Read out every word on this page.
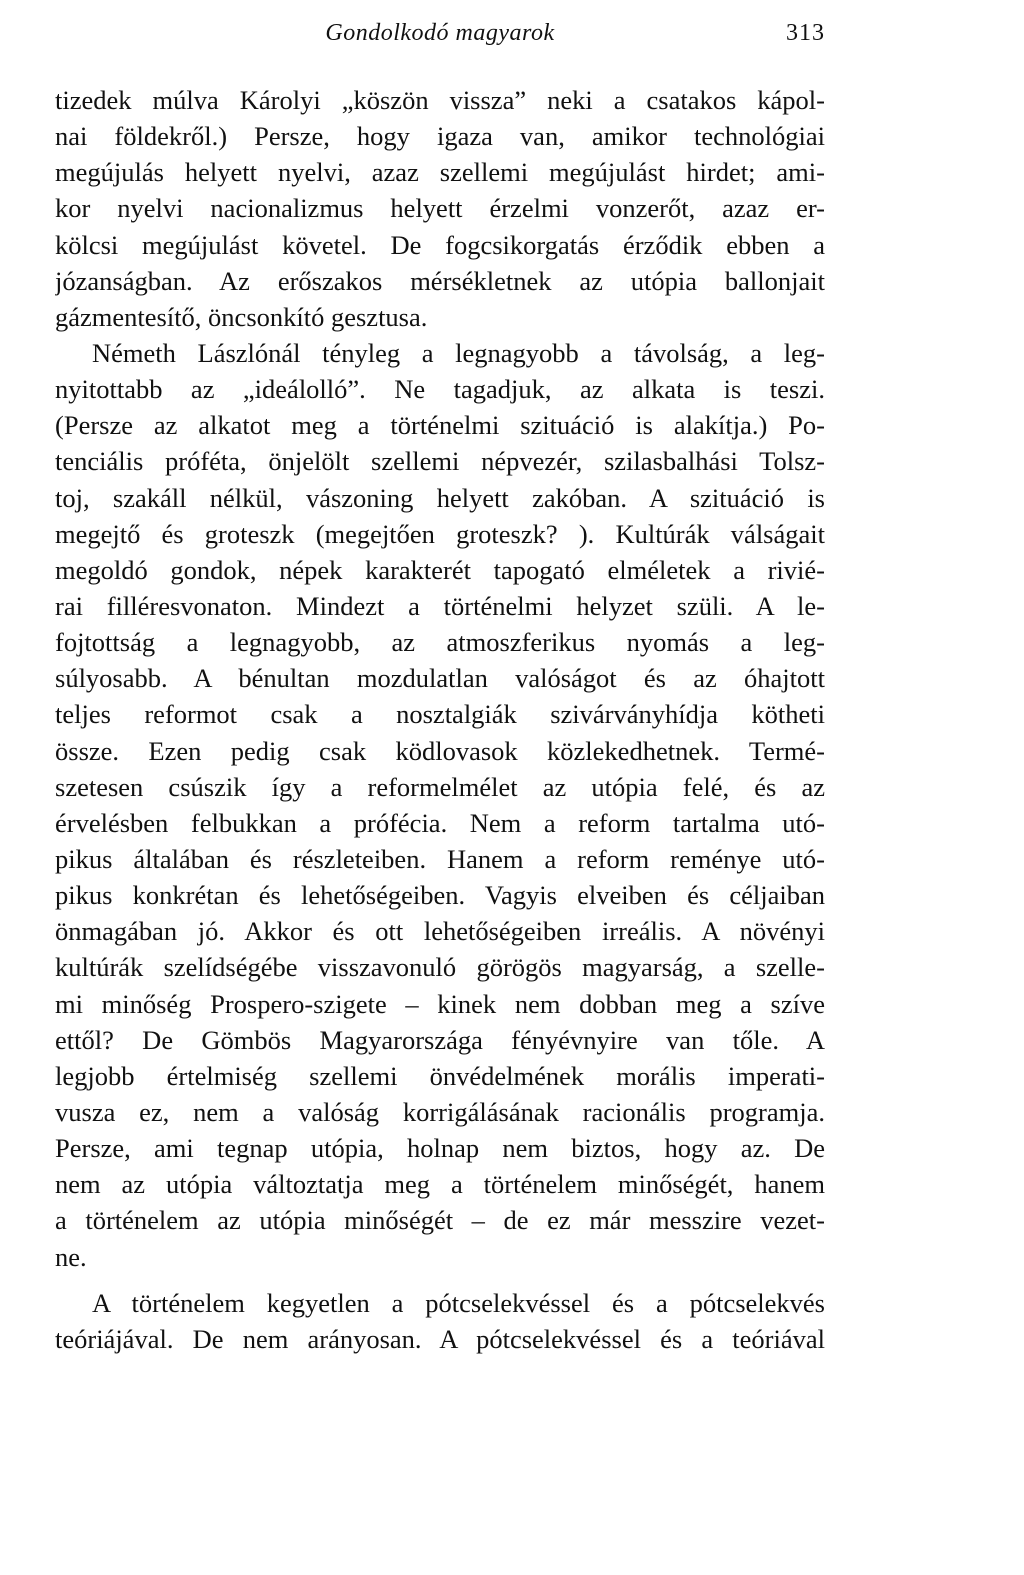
Gondolkodó magyarok	313
tizedek múlva Károlyi „köszön vissza” neki a csatakos kápol-
nai földekről.) Persze, hogy igaza van, amikor technológiai
megújulás helyett nyelvi, azaz szellemi megújulást hirdet; ami-
kor nyelvi nacionalizmus helyett érzelmi vonzerőt, azaz er-
kölcsi megújulást követel. De fogcsikorgatás érződik ebben a
józanságban. Az erőszakos mérsékletnek az utópia ballonjait
gázmentesítő, öncsonkító gesztusa.
Németh Lászlónál tényleg a legnagyobb a távolság, a leg-
nyitottabb az „ideálolló”. Ne tagadjuk, az alkata is teszi.
(Persze az alkatot meg a történelmi szituáció is alakítja.) Po-
tenciális próféta, önjelölt szellemi népvezér, szilasbalhási Tolsz-
toj, szakáll nélkül, vászoning helyett zakóban. A szituáció is
megejtő és groteszk (megejtően groteszk? ). Kultúrák válságait
megoldó gondok, népek karakterét tapogató elméletek a rivié-
rai filléresvonaton. Mindezt a történelmi helyzet szüli. A le-
fojtottság a legnagyobb, az atmoszferikus nyomás a leg-
súlyosabb. A bénultan mozdulatlan valóságot és az óhajtott
teljes reformot csak a nosztalgiák szivárványhídja kötheti
össze. Ezen pedig csak ködlovasok közlekedhetnek. Termé-
szetesen csúszik így a reformelmélet az utópia felé, és az
érvelésben felbukkan a prófécia. Nem a reform tartalma utó-
pikus általában és részleteiben. Hanem a reform reménye utó-
pikus konkrétan és lehetőségeiben. Vagyis elveiben és céljaiban
önmagában jó. Akkor és ott lehetőségeiben irreális. A növényi
kultúrák szelídségébe visszavonuló görögös magyarság, a szelle-
mi minőség Prospero-szigete – kinek nem dobban meg a szíve
ettől? De Gömbös Magyarországa fényévnyire van tőle. A
legjobb értelmiség szellemi önvédelmének morális imperati-
vusza ez, nem a valóság korrigálásának racionális programja.
Persze, ami tegnap utópia, holnap nem biztos, hogy az. De
nem az utópia változtatja meg a történelem minőségét, hanem
a történelem az utópia minőségét – de ez már messzire vezet-
ne.
A történelem kegyetlen a pótcselekvéssel és a pótcselekvés
teóriájával. De nem arányosan. A pótcselekvéssel és a teóriával
